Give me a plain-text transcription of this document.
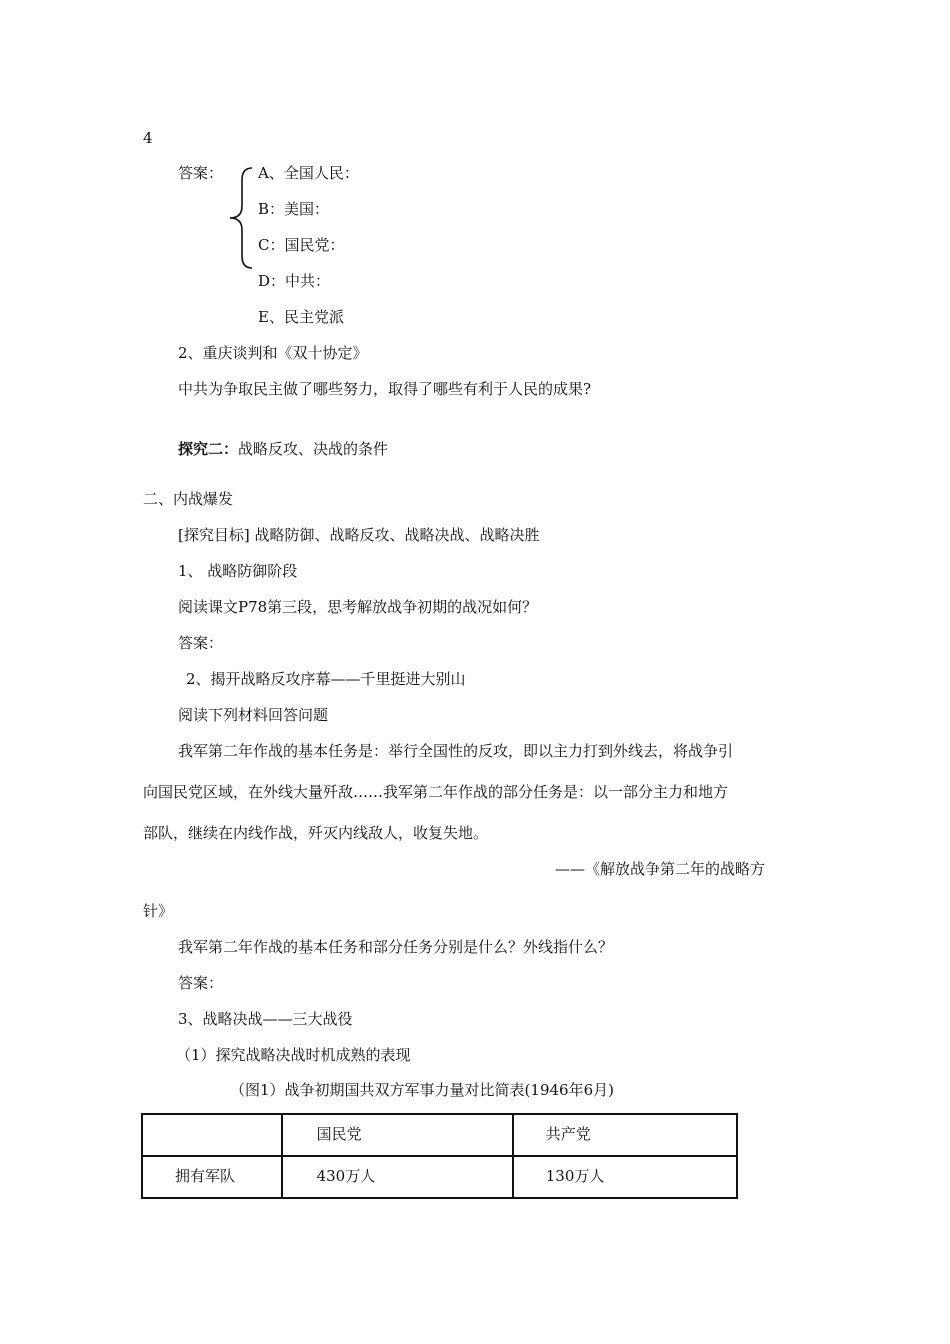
4
答案： A、全国人民：
B：美国：
C：国民党：
D：中共：
E、民主党派
2、重庆谈判和《双十协定》
中共为争取民主做了哪些努力，取得了哪些有利于人民的成果?
探究二：战略反攻、决战的条件
二、内战爆发
[探究目标] 战略防御、战略反攻、战略决战、战略决胜
1、 战略防御阶段
阅读课文P78第三段，思考解放战争初期的战况如何？
答案：
2、揭开战略反攻序幕——千里挺进大别山
阅读下列材料回答问题
我军第二年作战的基本任务是：举行全国性的反攻，即以主力打到外线去，将战争引
向国民党区域，在外线大量歼敌……我军第二年作战的部分任务是：以一部分主力和地方
部队，继续在内线作战，歼灭内线敌人，收复失地。
——《解放战争第二年的战略方
针》
我军第二年作战的基本任务和部分任务分别是什么？外线指什么？
答案：
3、战略决战——三大战役
（1）探究战略决战时机成熟的表现
（图1）战争初期国共双方军事力量对比简表(1946年6月)
	国民党	共产党
拥有军队	430万人	130万人
